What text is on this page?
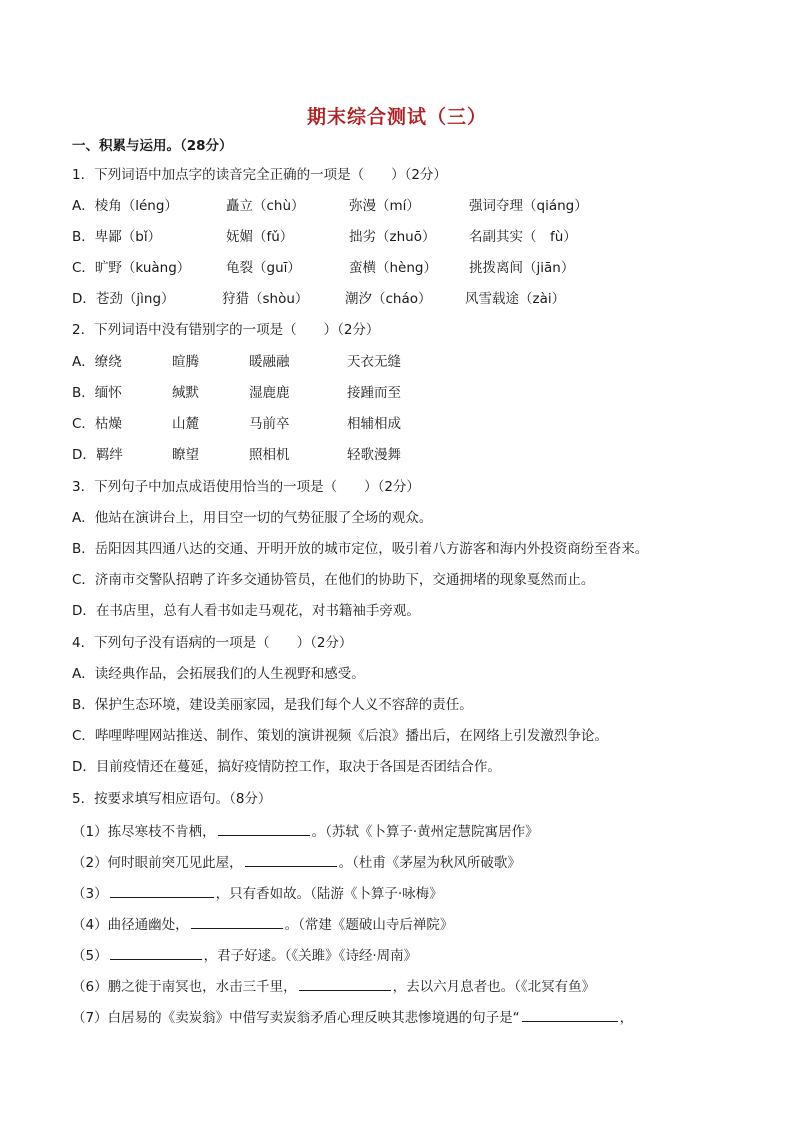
期末综合测试（三）
一、积累与运用。（28分）
1．下列词语中加点字的读音完全正确的一项是（　　）（2分）
A．棱角（léng）	矗立（chù）	弥漫（mí）	强词夺理（qiáng）
B．卑鄙（bǐ）	妩媚（fǔ）	拙劣（zhuō） 名副其实（　fù）
C．旷野（kuàng）	龟裂（guī）	蛮横（hèng） 挑拨离间（jiān）
D．苍劲（jìng）	狩猎（shòu）	潮汐（cháo） 风雪载途（zài）
2．下列词语中没有错别字的一项是（　　）（2分）
A．缭绕	暄腾	暖融融	天衣无缝
B．缅怀	缄默	湿鹿鹿	接踵而至
C．枯燥	山麓	马前卒	相辅相成
D．羁绊	瞭望	照相机	轻歌漫舞
3．下列句子中加点成语使用恰当的一项是（　　）（2分）
A．他站在演讲台上，用目空一切的气势征服了全场的观众。
B．岳阳因其四通八达的交通、开明开放的城市定位，吸引着八方游客和海内外投资商纷至沓来。
C．济南市交警队招聘了许多交通协管员，在他们的协助下，交通拥堵的现象戛然而止。
D．在书店里，总有人看书如走马观花，对书籍袖手旁观。
4．下列句子没有语病的一项是（　　）（2分）
A．读经典作品，会拓展我们的人生视野和感受。
B．保护生态环境，建设美丽家园，是我们每个人义不容辞的责任。
C．哔哩哔哩网站推送、制作、策划的演讲视频《后浪》播出后，在网络上引发激烈争论。
D．目前疫情还在蔓延，搞好疫情防控工作，取决于各国是否团结合作。
5．按要求填写相应语句。（8分）
（1）拣尽寒枝不肯栖，	。（苏轼《卜算子·黄州定慧院寓居作》
（2）何时眼前突兀见此屋，	。（杜甫《茅屋为秋风所破歌》
（3）	，只有香如故。（陆游《卜算子·咏梅》
（4）曲径通幽处，	。（常建《题破山寺后禅院》
（5）	，君子好逑。（《关雎》《诗经·周南》
（6）鹏之徙于南冥也，水击三千里，	，去以六月息者也。（《北冥有鱼》
（7）白居易的《卖炭翁》中借写卖炭翁矛盾心理反映其悲惨境遇的句子是“	，
